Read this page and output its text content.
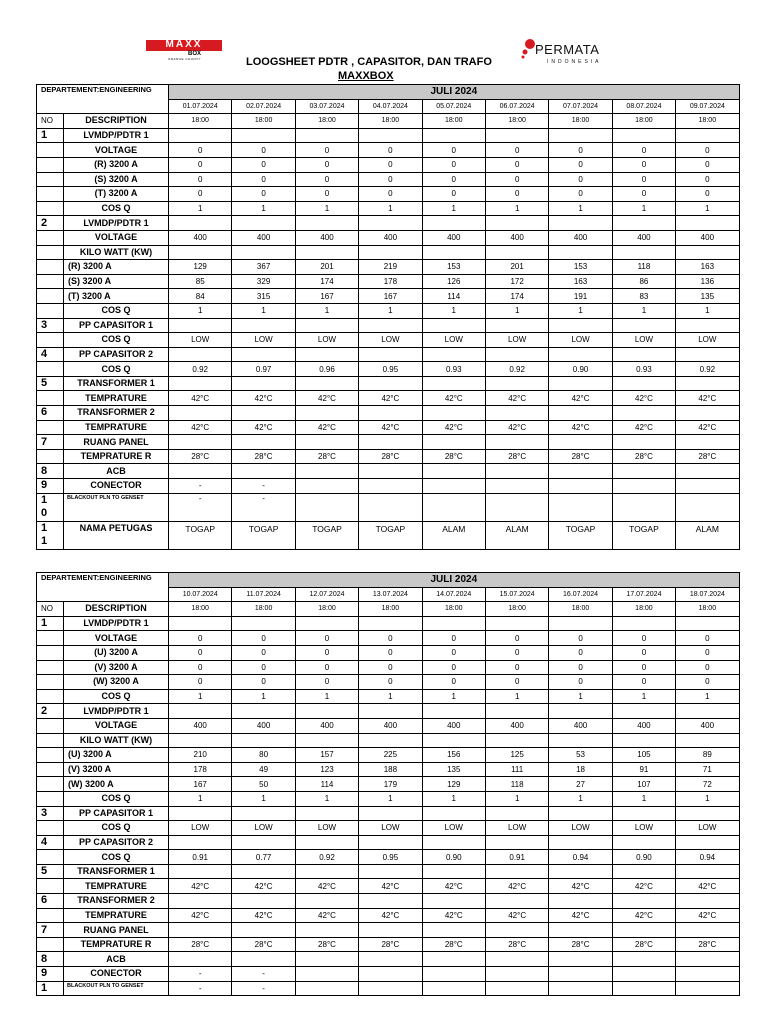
MAXX
BOX
ORANGE COUNTY	LOOGSHEET PDTR , CAPASITOR, DAN TRAFO
MAXXBOX
PERMATA
INDONESIA
DEPARTEMENT:ENGINEERING		JULI 2024								
		01.07.2024	02.07.2024	03.07.2024	04.07.2024	05.07.2024	06.07.2024	07.07.2024	08.07.2024	09.07.2024
NO	DESCRIPTION	18:00	18:00	18:00	18:00	18:00	18:00	18:00	18:00	18:00
1	LVMDP/PDTR 1									
	VOLTAGE	0	0	0	0	0	0	0	0	0
	(R) 3200 A	0	0	0	0	0	0	0	0	0
	(S) 3200 A	0	0	0	0	0	0	0	0	0
	(T) 3200 A	0	0	0	0	0	0	0	0	0
	COS Q	1	1	1	1	1	1	1	1	1
2	LVMDP/PDTR 1									
	VOLTAGE	400	400	400	400	400	400	400	400	400
	KILO WATT (KW)									
	(R) 3200 A	129	367	201	219	153	201	153	118	163
	(S) 3200 A	85	329	174	178	126	172	163	86	136
	(T) 3200 A	84	315	167	167	114	174	191	83	135
	COS Q	1	1	1	1	1	1	1	1	1
3	PP CAPASITOR 1									
	COS Q	LOW	LOW	LOW	LOW	LOW	LOW	LOW	LOW	LOW
4	PP CAPASITOR 2									
	COS Q	0.92	0.97	0.96	0.95	0.93	0.92	0.90	0.93	0.92
5	TRANSFORMER 1									
	TEMPRATURE	42°C	42°C	42°C	42°C	42°C	42°C	42°C	42°C	42°C
6	TRANSFORMER 2									
	TEMPRATURE	42°C	42°C	42°C	42°C	42°C	42°C	42°C	42°C	42°C
7	RUANG PANEL									
	TEMPRATURE R	28°C	28°C	28°C	28°C	28°C	28°C	28°C	28°C	28°C
8	ACB									
9	CONECTOR	-	-							
1
0	BLACKOUT PLN TO GENSET	-	-							
1
1	NAMA PETUGAS	TOGAP	TOGAP	TOGAP	TOGAP	ALAM	ALAM	TOGAP	TOGAP	ALAM
DEPARTEMENT:ENGINEERING		JULI 2024								
		10.07.2024	11.07.2024	12.07.2024	13.07.2024	14.07.2024	15.07.2024	16.07.2024	17.07.2024	18.07.2024
NO	DESCRIPTION	18:00	18:00	18:00	18:00	18:00	18:00	18:00	18:00	18:00
1	LVMDP/PDTR 1									
	VOLTAGE	0	0	0	0	0	0	0	0	0
	(U) 3200 A	0	0	0	0	0	0	0	0	0
	(V) 3200 A	0	0	0	0	0	0	0	0	0
	(W) 3200 A	0	0	0	0	0	0	0	0	0
	COS Q	1	1	1	1	1	1	1	1	1
2	LVMDP/PDTR 1									
	VOLTAGE	400	400	400	400	400	400	400	400	400
	KILO WATT (KW)									
	(U) 3200 A	210	80	157	225	156	125	53	105	89
	(V) 3200 A	178	49	123	188	135	111	18	91	71
	(W) 3200 A	167	50	114	179	129	118	27	107	72
	COS Q	1	1	1	1	1	1	1	1	1
3	PP CAPASITOR 1									
	COS Q	LOW	LOW	LOW	LOW	LOW	LOW	LOW	LOW	LOW
4	PP CAPASITOR 2									
	COS Q	0.91	0.77	0.92	0.95	0.90	0.91	0.94	0.90	0.94
5	TRANSFORMER 1									
	TEMPRATURE	42°C	42°C	42°C	42°C	42°C	42°C	42°C	42°C	42°C
6	TRANSFORMER 2									
	TEMPRATURE	42°C	42°C	42°C	42°C	42°C	42°C	42°C	42°C	42°C
7	RUANG PANEL									
	TEMPRATURE R	28°C	28°C	28°C	28°C	28°C	28°C	28°C	28°C	28°C
8	ACB									
9	CONECTOR	-	-							
1	BLACKOUT PLN TO GENSET	-	-							
